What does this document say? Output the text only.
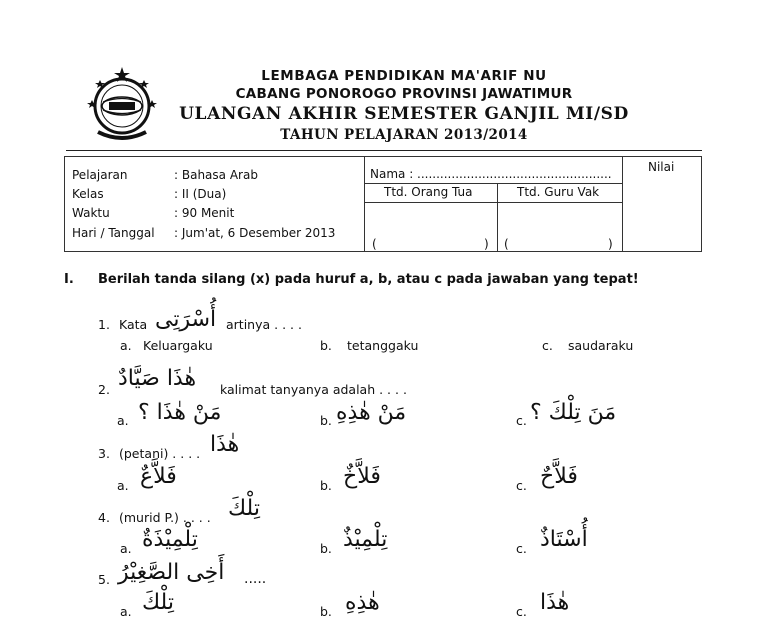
LEMBAGA PENDIDIKAN MA'ARIF NU
CABANG PONOROGO PROVINSI JAWATIMUR
ULANGAN AKHIR SEMESTER GANJIL MI/SD
TAHUN PELAJARAN 2013/2014
Pelajaran	: Bahasa Arab
Kelas	: II (Dua)
Waktu	: 90 Menit
Hari / Tanggal : Jum'at, 6 Desember 2013
Nama : ...................................................
Ttd. Orang Tua	Ttd. Guru Vak
(	) (	)
Nilai
I. Berilah tanda silang (x) pada huruf a, b, atau c pada jawaban yang tepat!
1. Kata أُسْرَتِى artinya . . . .
a. Keluargaku	b. tetanggaku	c. saudaraku
2. هٰذَا صَيَّادٌ kalimat tanyanya adalah . . . .
a. مَنْ هٰذَا ؟	b. مَنْ هٰذِهِ	c. مَنَ تِلْكَ ؟
3. (petani) . . . . هٰذَا
a. فَلاَّعٌ	b. فَلاَّخٌ	c. فَلاَّحٌ
4. (murid P.) . . . . تِلْكَ
a. تِلْمِيْذَةٌ	b. تِلْمِيْذٌ	c. أُسْتَاذٌ
5. أَخِى الصَّغِيْرُ .....
a. تِلْكَ	b. هٰذِهِ	c. هٰذَا
